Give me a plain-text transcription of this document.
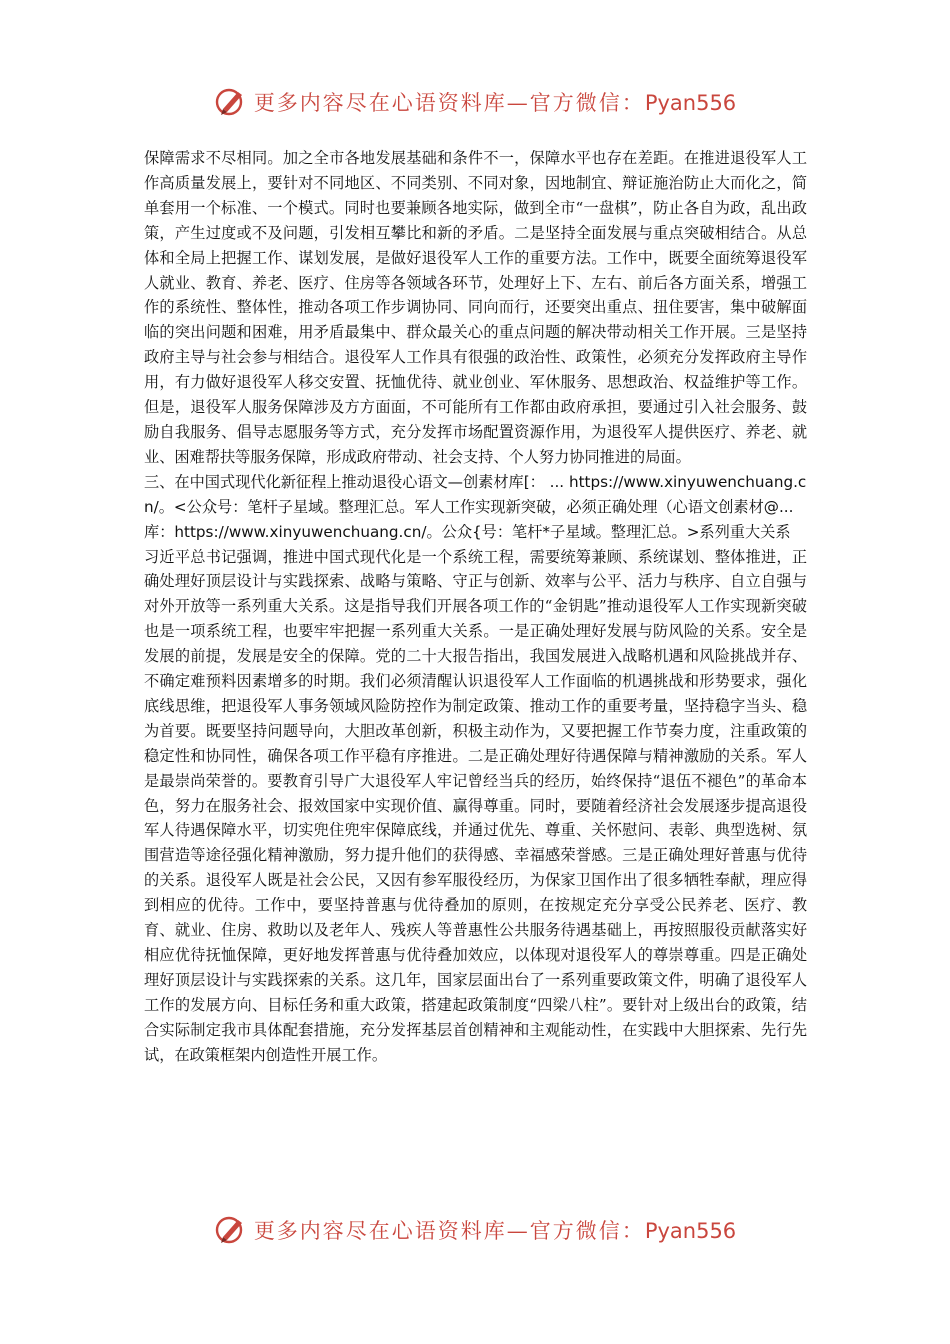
更多内容尽在心语资料库—官方微信：Pyan556

保障需求不尽相同。加之全市各地发展基础和条件不一，保障水平也存在差距。在推进退役军人工作高质量发展上，要针对不同地区、不同类别、不同对象，因地制宜、辩证施治防止大而化之，简单套用一个标准、一个模式。同时也要兼顾各地实际，做到全市“一盘棋”，防止各自为政，乱出政策，产生过度或不及问题，引发相互攀比和新的矛盾。二是坚持全面发展与重点突破相结合。从总体和全局上把握工作、谋划发展，是做好退役军人工作的重要方法。工作中，既要全面统筹退役军人就业、教育、养老、医疗、住房等各领域各环节，处理好上下、左右、前后各方面关系，增强工作的系统性、整体性，推动各项工作步调协同、同向而行，还要突出重点、扭住要害，集中破解面临的突出问题和困难，用矛盾最集中、群众最关心的重点问题的解决带动相关工作开展。三是坚持政府主导与社会参与相结合。退役军人工作具有很强的政治性、政策性，必须充分发挥政府主导作用，有力做好退役军人移交安置、抚恤优待、就业创业、军休服务、思想政治、权益维护等工作。但是，退役军人服务保障涉及方方面面，不可能所有工作都由政府承担，要通过引入社会服务、鼓励自我服务、倡导志愿服务等方式，充分发挥市场配置资源作用，为退役军人提供医疗、养老、就业、困难帮扶等服务保障，形成政府带动、社会支持、个人努力协同推进的局面。

三、在中国式现代化新征程上推动退役心语文—创素材库[： ... https://www.xinyuwenchuang.cn/。<公众号：笔杆子星域。整理汇总。军人工作实现新突破，必须正确处理（心语文创素材@...库：https://www.xinyuwenchuang.cn/。公众{号：笔杆*子星域。整理汇总。>系列重大关系

习近平总书记强调，推进中国式现代化是一个系统工程，需要统筹兼顾、系统谋划、整体推进，正确处理好顶层设计与实践探索、战略与策略、守正与创新、效率与公平、活力与秩序、自立自强与对外开放等一系列重大关系。这是指导我们开展各项工作的“金钥匙”推动退役军人工作实现新突破也是一项系统工程，也要牢牢把握一系列重大关系。一是正确处理好发展与防风险的关系。安全是发展的前提，发展是安全的保障。党的二十大报告指出，我国发展进入战略机遇和风险挑战并存、不确定难预料因素增多的时期。我们必须清醒认识退役军人工作面临的机遇挑战和形势要求，强化底线思维，把退役军人事务领域风险防控作为制定政策、推动工作的重要考量，坚持稳字当头、稳为首要。既要坚持问题导向，大胆改革创新，积极主动作为，又要把握工作节奏力度，注重政策的稳定性和协同性，确保各项工作平稳有序推进。二是正确处理好待遇保障与精神激励的关系。军人是最崇尚荣誉的。要教育引导广大退役军人牢记曾经当兵的经历，始终保持“退伍不褪色”的革命本色，努力在服务社会、报效国家中实现价值、赢得尊重。同时，要随着经济社会发展逐步提高退役军人待遇保障水平，切实兜住兜牢保障底线，并通过优先、尊重、关怀慰问、表彰、典型选树、氛围营造等途径强化精神激励，努力提升他们的获得感、幸福感荣誉感。三是正确处理好普惠与优待的关系。退役军人既是社会公民，又因有参军服役经历，为保家卫国作出了很多牺牲奉献，理应得到相应的优待。工作中，要坚持普惠与优待叠加的原则，在按规定充分享受公民养老、医疗、教育、就业、住房、救助以及老年人、残疾人等普惠性公共服务待遇基础上，再按照服役贡献落实好相应优待抚恤保障，更好地发挥普惠与优待叠加效应，以体现对退役军人的尊崇尊重。四是正确处理好顶层设计与实践探索的关系。这几年，国家层面出台了一系列重要政策文件，明确了退役军人工作的发展方向、目标任务和重大政策，搭建起政策制度“四梁八柱”。要针对上级出台的政策，结合实际制定我市具体配套措施，充分发挥基层首创精神和主观能动性，在实践中大胆探索、先行先试，在政策框架内创造性开展工作。

更多内容尽在心语资料库—官方微信：Pyan556
